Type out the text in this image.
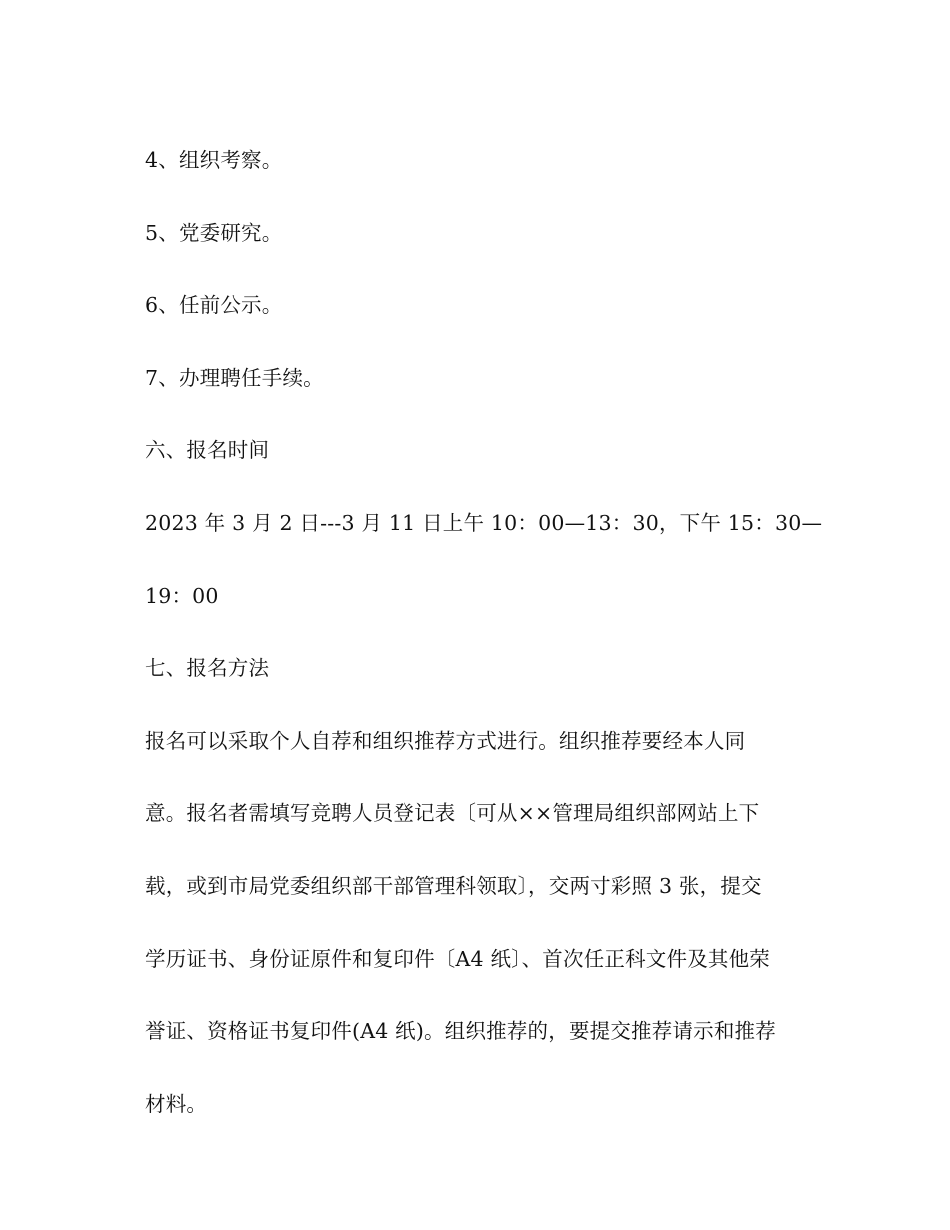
4、组织考察。

5、党委研究。

6、任前公示。

7、办理聘任手续。

六、报名时间

2023 年 3 月 2 日---3 月 11 日上午 10：00—13：30，下午 15：30—

19：00

七、报名方法

报名可以采取个人自荐和组织推荐方式进行。组织推荐要经本人同

意。报名者需填写竞聘人员登记表〔可从××管理局组织部网站上下

载，或到市局党委组织部干部管理科领取〕，交两寸彩照 3 张，提交

学历证书、身份证原件和复印件〔A4 纸〕、首次任正科文件及其他荣

誉证、资格证书复印件(A4 纸)。组织推荐的，要提交推荐请示和推荐

材料。
